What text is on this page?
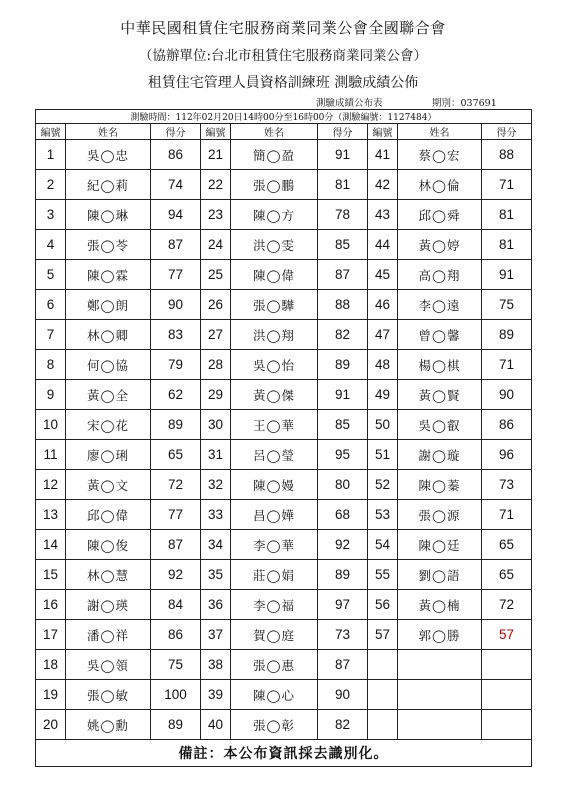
中華民國租賃住宅服務商業同業公會全國聯合會
（協辦單位:台北市租賃住宅服務商業同業公會）
租賃住宅管理人員資格訓練班 測驗成績公佈
測驗成績公布表	期別：037691
測驗時間：112年02月20日14時00分至16時00分（測驗編號：1127484）								
編號	姓名	得分	編號	姓名	得分	編號	姓名	得分
1	吳◯忠	86	21	簡◯盈	91	41	蔡◯宏	88
2	紀◯莉	74	22	張◯鵬	81	42	林◯倫	71
3	陳◯琳	94	23	陳◯方	78	43	邱◯舜	81
4	張◯苓	87	24	洪◯雯	85	44	黃◯婷	81
5	陳◯霖	77	25	陳◯偉	87	45	高◯翔	91
6	鄭◯朗	90	26	張◯驊	88	46	李◯遠	75
7	林◯卿	83	27	洪◯翔	82	47	曾◯馨	89
8	何◯協	79	28	吳◯怡	89	48	楊◯棋	71
9	黃◯全	62	29	黃◯傑	91	49	黃◯賢	90
10	宋◯花	89	30	王◯華	85	50	吳◯叡	86
11	廖◯琍	65	31	呂◯瑩	95	51	謝◯璇	96
12	黃◯文	72	32	陳◯嫚	80	52	陳◯蓁	73
13	邱◯偉	77	33	昌◯嬅	68	53	張◯源	71
14	陳◯俊	87	34	李◯華	92	54	陳◯廷	65
15	林◯慧	92	35	莊◯娟	89	55	劉◯語	65
16	謝◯瑛	84	36	李◯福	97	56	黃◯楠	72
17	潘◯祥	86	37	賀◯庭	73	57	郭◯勝	57
18	吳◯領	75	38	張◯惠	87			
19	張◯敏	100	39	陳◯心	90			
20	姚◯勳	89	40	張◯彰	82			
備註：本公布資訊採去識別化。								
